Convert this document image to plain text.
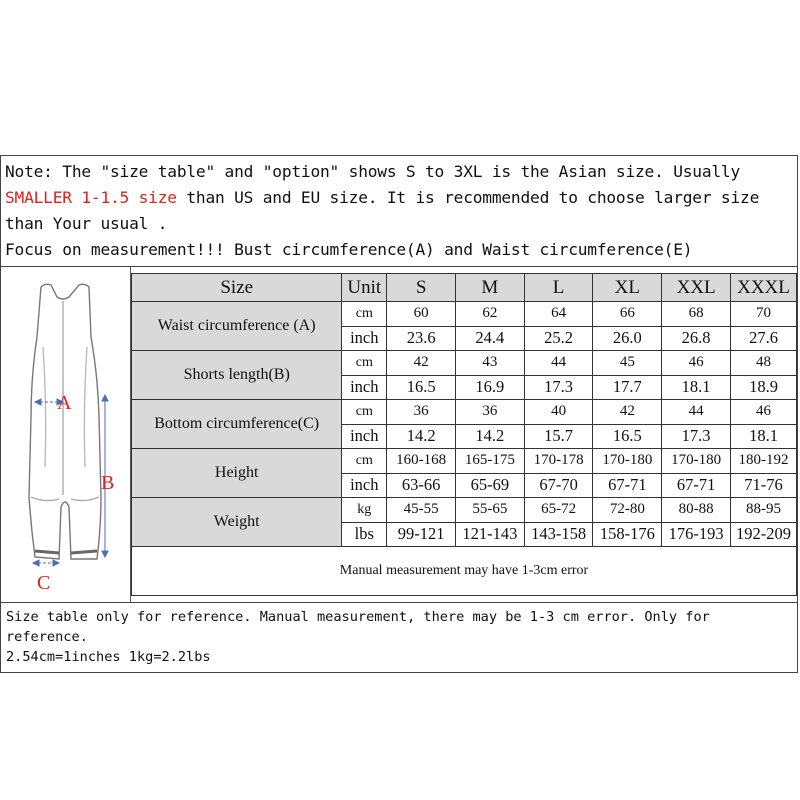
Note: The "size table" and "option" shows S to 3XL is the Asian size. Usually
SMALLER 1-1.5 size than US and EU size. It is recommended to choose larger size
than Your usual .
Focus on measurement!!! Bust circumference(A) and Waist circumference(E)
A
B
C
Size	Unit	S	M	L	XL	XXL	XXXL
Waist circumference (A)	cm	60	62	64	66	68	70
	inch	23.6	24.4	25.2	26.0	26.8	27.6
Shorts length(B)	cm	42	43	44	45	46	48
	inch	16.5	16.9	17.3	17.7	18.1	18.9
Bottom circumference(C)	cm	36	36	40	42	44	46
	inch	14.2	14.2	15.7	16.5	17.3	18.1
Height	cm	160-168	165-175	170-178	170-180	170-180	180-192
	inch	63-66	65-69	67-70	67-71	67-71	71-76
Weight	kg	45-55	55-65	65-72	72-80	80-88	88-95
	lbs	99-121	121-143	143-158	158-176	176-193	192-209
Manual measurement may have 1-3cm error							
Size table only for reference. Manual measurement, there may be 1-3 cm error. Only for
reference.
2.54cm=1inches 1kg=2.2lbs
